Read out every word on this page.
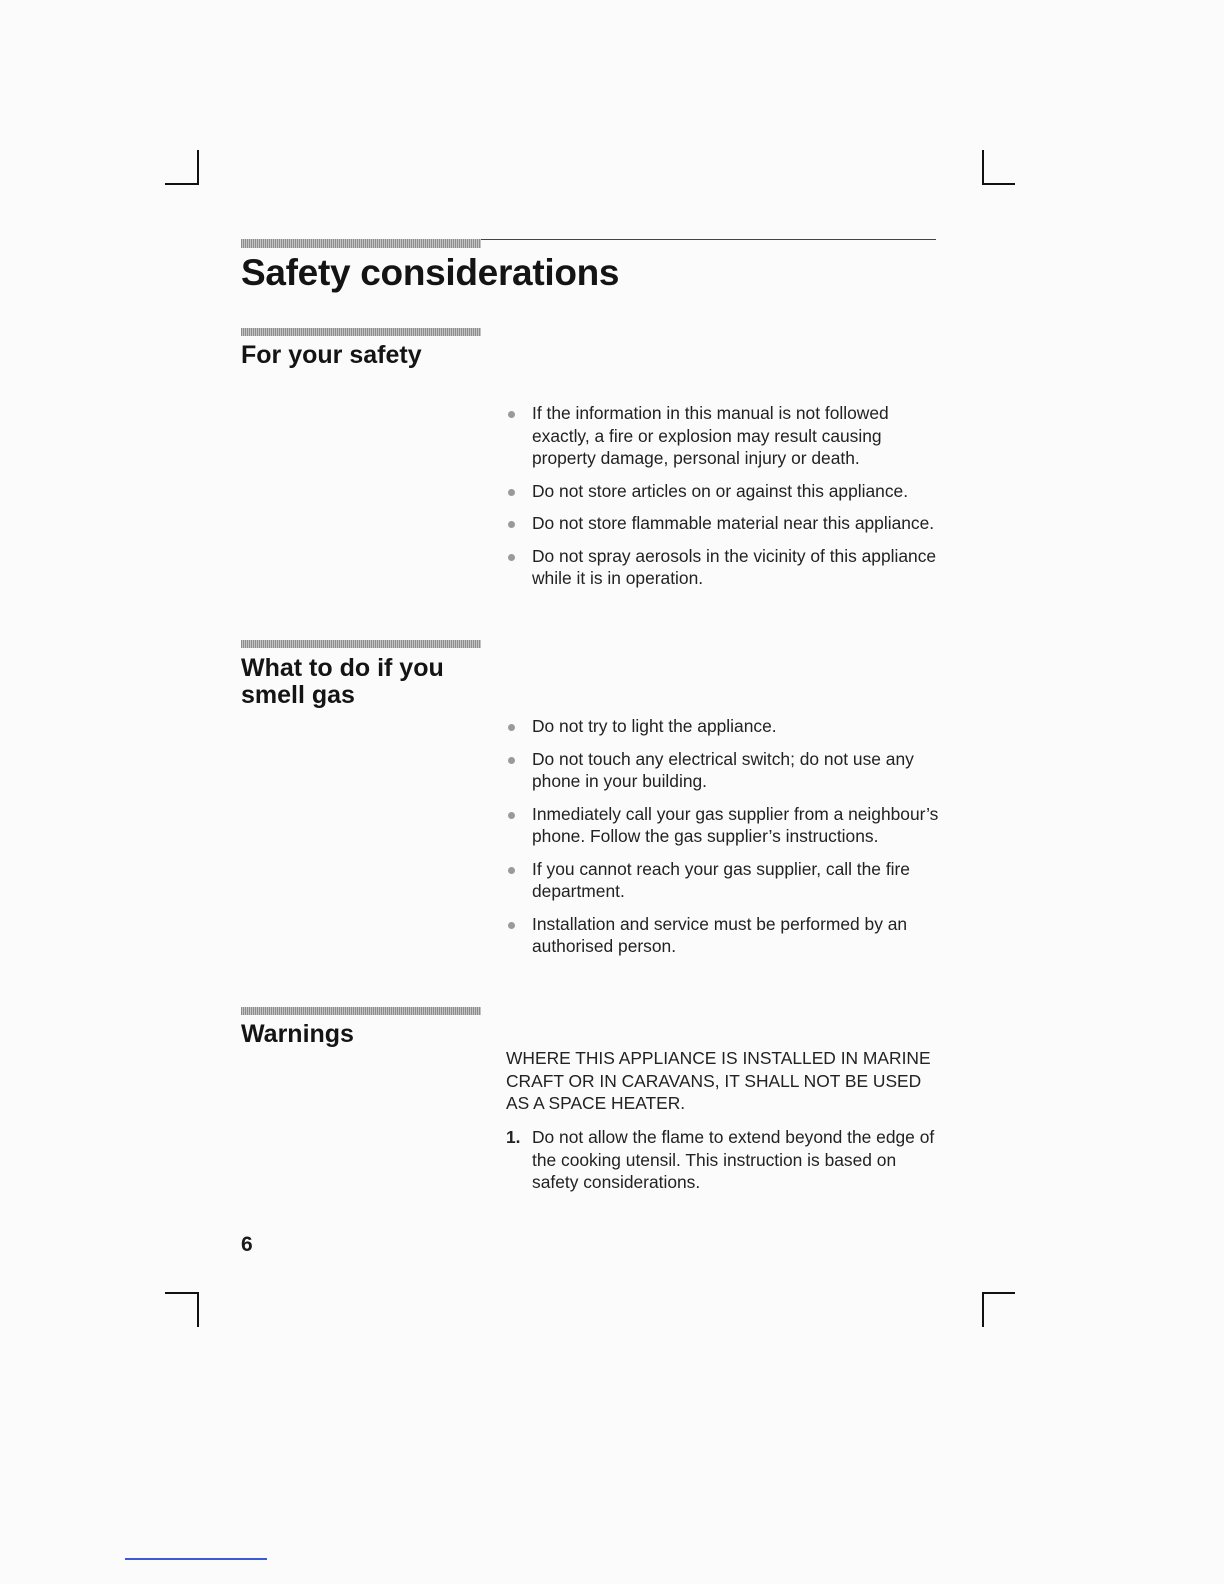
Safety considerations
For your safety
If the information in this manual is not followed exactly, a fire or explosion may result causing property damage, personal injury or death.
Do not store articles on or against this appliance.
Do not store flammable material near this appliance.
Do not spray aerosols in the vicinity of this appliance while it is in operation.
What to do if you
smell gas
Do not try to light the appliance.
Do not touch any electrical switch; do not use any phone in your building.
Inmediately call your gas supplier from a neighbour’s phone. Follow the gas supplier’s instructions.
If you cannot reach your gas supplier, call the fire department.
Installation and service must be performed by an authorised person.
Warnings

WHERE THIS APPLIANCE IS INSTALLED IN MARINE CRAFT OR IN CARAVANS, IT SHALL NOT BE USED AS A SPACE HEATER.

1. Do not allow the flame to extend beyond the edge of the cooking utensil. This instruction is based on safety considerations.
6
